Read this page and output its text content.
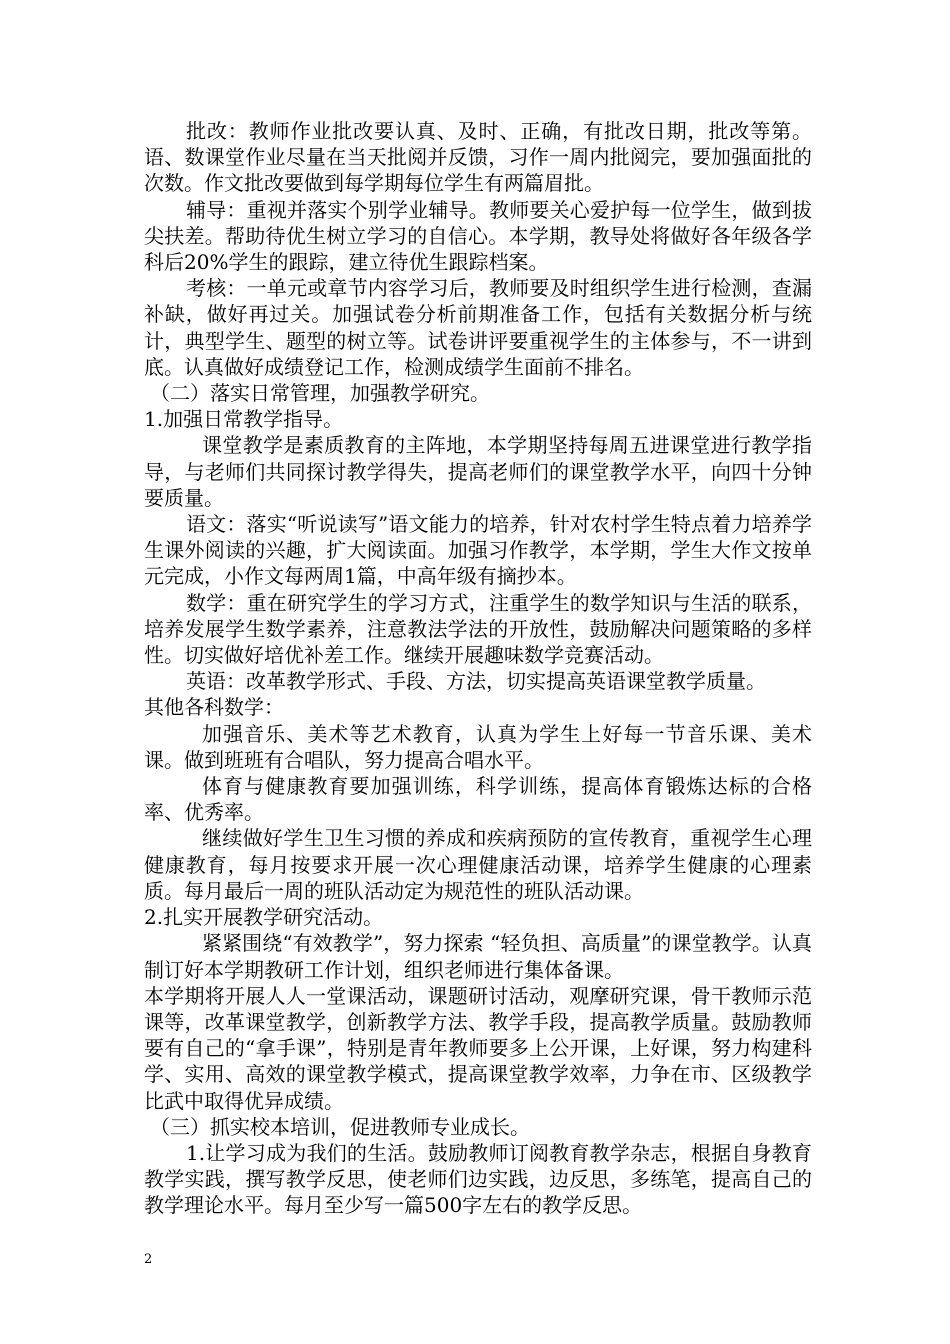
批改：教师作业批改要认真、及时、正确，有批改日期，批改等第。语、数课堂作业尽量在当天批阅并反馈，习作一周内批阅完，要加强面批的次数。作文批改要做到每学期每位学生有两篇眉批。

辅导：重视并落实个别学业辅导。教师要关心爱护每一位学生，做到拔尖扶差。帮助待优生树立学习的自信心。本学期，教导处将做好各年级各学科后20%学生的跟踪，建立待优生跟踪档案。

考核：一单元或章节内容学习后，教师要及时组织学生进行检测，查漏补缺，做好再过关。加强试卷分析前期准备工作，包括有关数据分析与统计，典型学生、题型的树立等。试卷讲评要重视学生的主体参与，不一讲到底。认真做好成绩登记工作，检测成绩学生面前不排名。

（二）落实日常管理，加强教学研究。

1.加强日常教学指导。

课堂教学是素质教育的主阵地，本学期坚持每周五进课堂进行教学指导，与老师们共同探讨教学得失，提高老师们的课堂教学水平，向四十分钟要质量。

语文：落实“听说读写”语文能力的培养，针对农村学生特点着力培养学生课外阅读的兴趣，扩大阅读面。加强习作教学，本学期，学生大作文按单元完成，小作文每两周1篇，中高年级有摘抄本。

数学：重在研究学生的学习方式，注重学生的数学知识与生活的联系，培养发展学生数学素养，注意教法学法的开放性，鼓励解决问题策略的多样性。切实做好培优补差工作。继续开展趣味数学竞赛活动。

英语：改革教学形式、手段、方法，切实提高英语课堂教学质量。

其他各科数学：

加强音乐、美术等艺术教育，认真为学生上好每一节音乐课、美术课。做到班班有合唱队，努力提高合唱水平。

体育与健康教育要加强训练，科学训练，提高体育锻炼达标的合格率、优秀率。

继续做好学生卫生习惯的养成和疾病预防的宣传教育，重视学生心理健康教育，每月按要求开展一次心理健康活动课，培养学生健康的心理素质。每月最后一周的班队活动定为规范性的班队活动课。

2.扎实开展教学研究活动。

紧紧围绕“有效教学”，努力探索 “轻负担、高质量”的课堂教学。认真制订好本学期教研工作计划，组织老师进行集体备课。

本学期将开展人人一堂课活动，课题研讨活动，观摩研究课，骨干教师示范课等，改革课堂教学，创新教学方法、教学手段，提高教学质量。鼓励教师要有自己的“拿手课”，特别是青年教师要多上公开课，上好课，努力构建科学、实用、高效的课堂教学模式，提高课堂教学效率，力争在市、区级教学比武中取得优异成绩。

（三）抓实校本培训，促进教师专业成长。

1.让学习成为我们的生活。鼓励教师订阅教育教学杂志，根据自身教育教学实践，撰写教学反思，使老师们边实践，边反思，多练笔，提高自己的教学理论水平。每月至少写一篇500字左右的教学反思。

2
